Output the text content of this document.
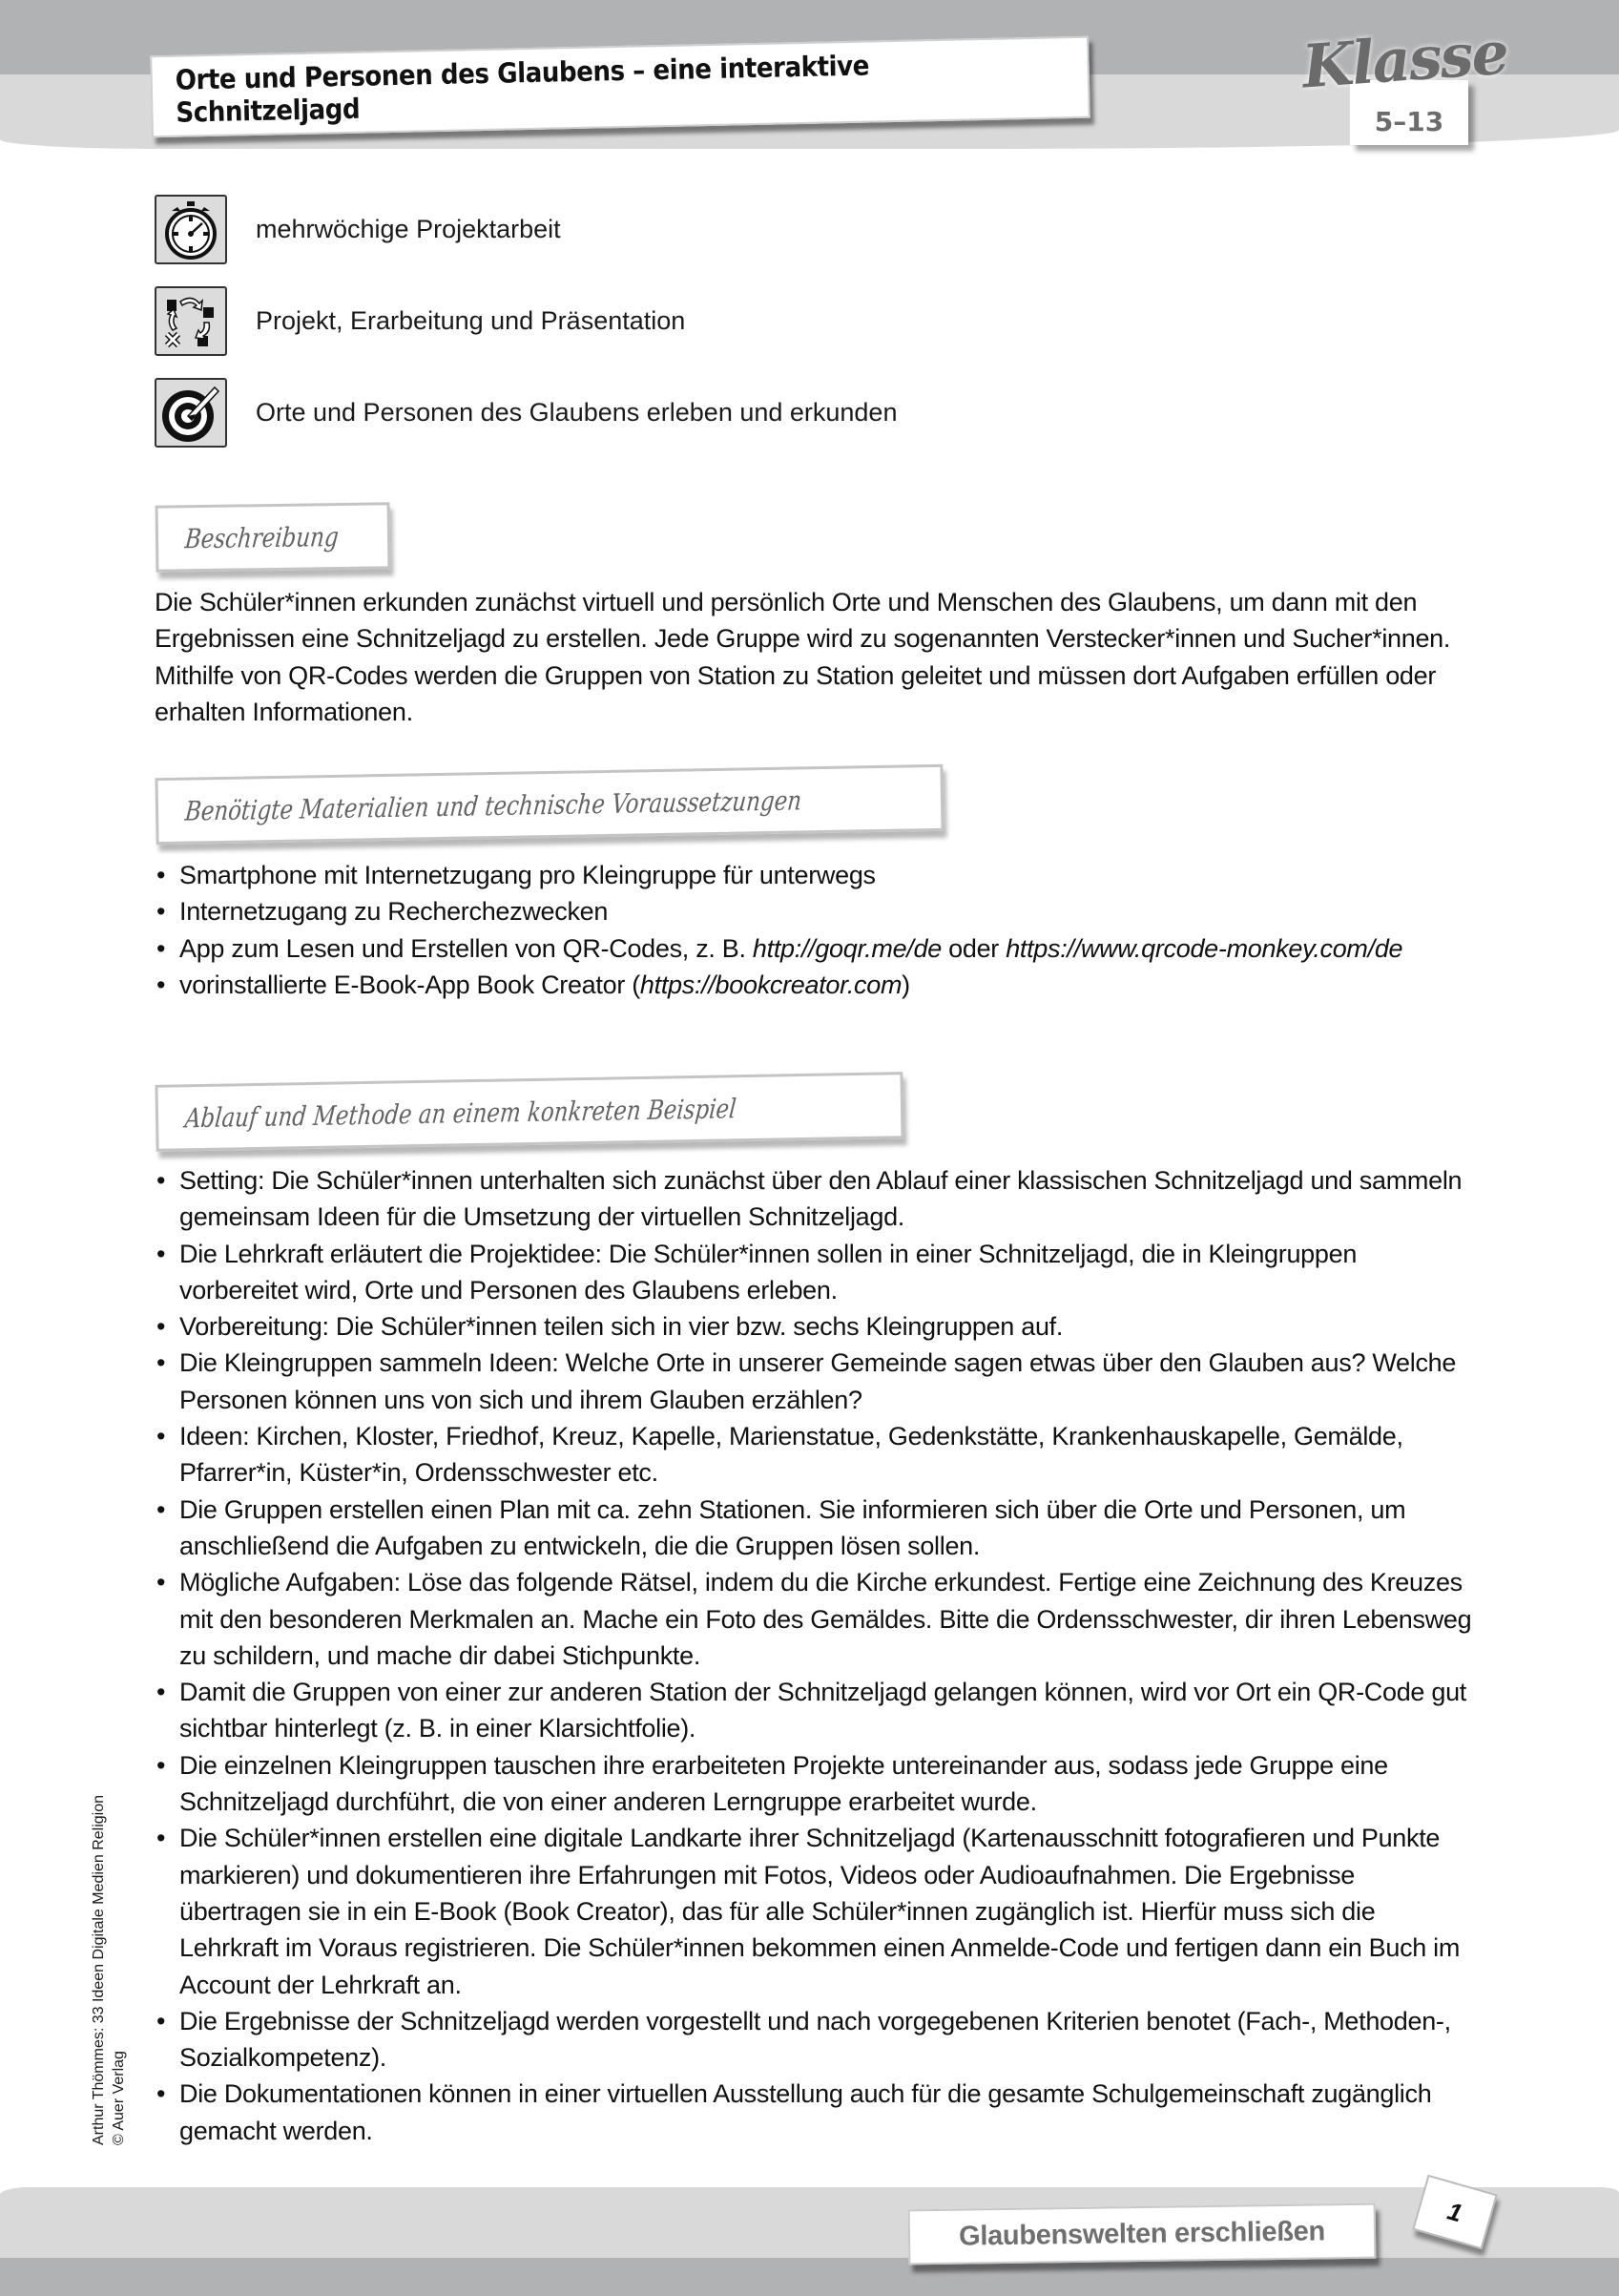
Orte und Personen des Glaubens – eine interaktive Schnitzeljagd	5–13
Klasse
mehrwöchige Projektarbeit
Projekt, Erarbeitung und Präsentation
Orte und Personen des Glaubens erleben und erkunden
Beschreibung

Die Schüler*innen erkunden zunächst virtuell und persönlich Orte und Menschen des Glaubens, um dann mit den Ergebnissen eine Schnitzeljagd zu erstellen. Jede Gruppe wird zu sogenannten Verstecker*innen und Sucher*innen. Mithilfe von QR-Codes werden die Gruppen von Station zu Station geleitet und müssen dort Aufgaben erfüllen oder erhalten Informationen.

Benötigte Materialien und technische Voraussetzungen
• Smartphone mit Internetzugang pro Kleingruppe für unterwegs
• Internetzugang zu Recherchezwecken
• App zum Lesen und Erstellen von QR-Codes, z. B. http://goqr.me/de oder https://www.qrcode-monkey.com/de
• vorinstallierte E-Book-App Book Creator (https://bookcreator.com)
Ablauf und Methode an einem konkreten Beispiel
• Setting: Die Schüler*innen unterhalten sich zunächst über den Ablauf einer klassischen Schnitzeljagd und sammeln gemeinsam Ideen für die Umsetzung der virtuellen Schnitzeljagd.
• Die Lehrkraft erläutert die Projektidee: Die Schüler*innen sollen in einer Schnitzeljagd, die in Kleingruppen vorbereitet wird, Orte und Personen des Glaubens erleben.
• Vorbereitung: Die Schüler*innen teilen sich in vier bzw. sechs Kleingruppen auf.
• Die Kleingruppen sammeln Ideen: Welche Orte in unserer Gemeinde sagen etwas über den Glauben aus? Welche Personen können uns von sich und ihrem Glauben erzählen?
• Ideen: Kirchen, Kloster, Friedhof, Kreuz, Kapelle, Marienstatue, Gedenkstätte, Krankenhauskapelle, Gemälde, Pfarrer*in, Küster*in, Ordensschwester etc.
• Die Gruppen erstellen einen Plan mit ca. zehn Stationen. Sie informieren sich über die Orte und Personen, um anschließend die Aufgaben zu entwickeln, die die Gruppen lösen sollen.
• Mögliche Aufgaben: Löse das folgende Rätsel, indem du die Kirche erkundest. Fertige eine Zeichnung des Kreuzes mit den besonderen Merkmalen an. Mache ein Foto des Gemäldes. Bitte die Ordensschwester, dir ihren Lebensweg zu schildern, und mache dir dabei Stichpunkte.
• Damit die Gruppen von einer zur anderen Station der Schnitzeljagd gelangen können, wird vor Ort ein QR-Code gut sichtbar hinterlegt (z. B. in einer Klarsichtfolie).
• Die einzelnen Kleingruppen tauschen ihre erarbeiteten Projekte untereinander aus, sodass jede Gruppe eine Schnitzeljagd durchführt, die von einer anderen Lerngruppe erarbeitet wurde.
• Die Schüler*innen erstellen eine digitale Landkarte ihrer Schnitzeljagd (Kartenausschnitt fotografieren und Punkte markieren) und dokumentieren ihre Erfahrungen mit Fotos, Videos oder Audioaufnahmen. Die Ergebnisse übertragen sie in ein E-Book (Book Creator), das für alle Schüler*innen zugänglich ist. Hierfür muss sich die Lehrkraft im Voraus registrieren. Die Schüler*innen bekommen einen Anmelde-Code und fertigen dann ein Buch im Account der Lehrkraft an.
• Die Ergebnisse der Schnitzeljagd werden vorgestellt und nach vorgegebenen Kriterien benotet (Fach-, Methoden-, Sozialkompetenz).
• Die Dokumentationen können in einer virtuellen Ausstellung auch für die gesamte Schulgemeinschaft zugänglich gemacht werden.
Arthur Thömmes: 33 Ideen Digitale Medien Religion © Auer Verlag
Glaubenswelten erschließen
1
